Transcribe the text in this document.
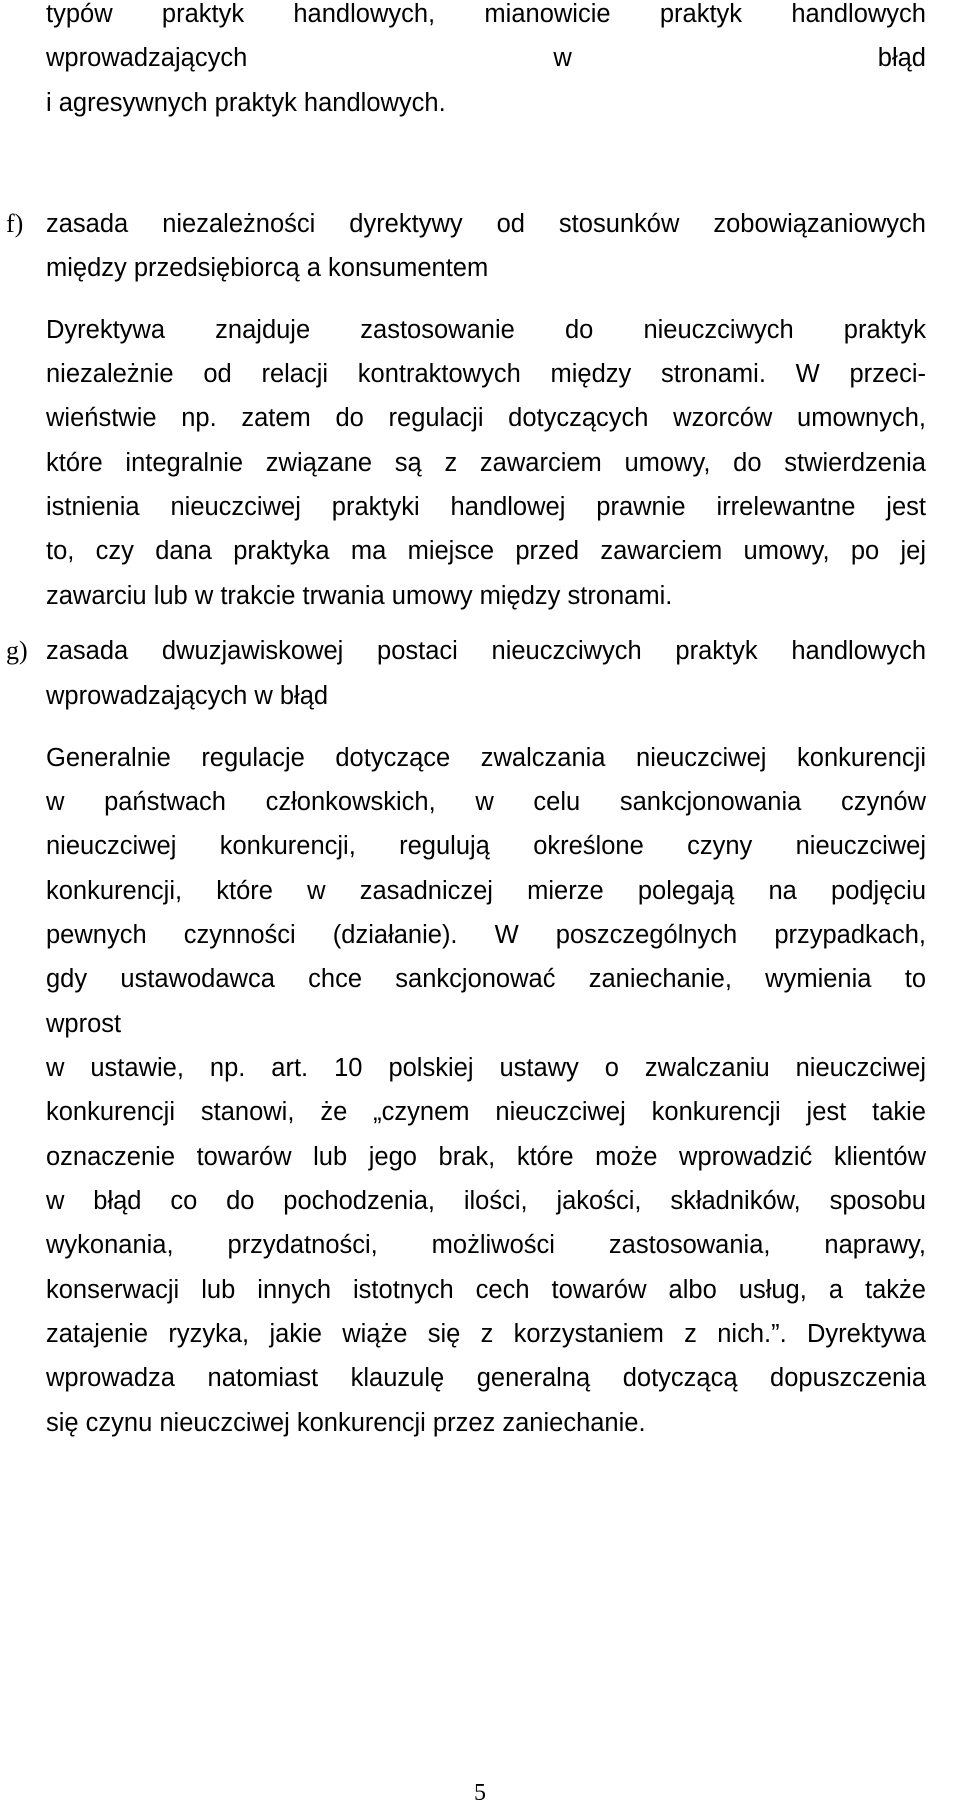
typów praktyk handlowych, mianowicie praktyk handlowych
wprowadzających w błąd
i agresywnych praktyk handlowych.
f) zasada niezależności dyrektywy od stosunków zobowiązaniowych
między przedsiębiorcą a konsumentem
Dyrektywa znajduje zastosowanie do nieuczciwych praktyk
niezależnie od relacji kontraktowych między stronami. W przeci-
wieństwie np. zatem do regulacji dotyczących wzorców umownych,
które integralnie związane są z zawarciem umowy, do stwierdzenia
istnienia nieuczciwej praktyki handlowej prawnie irrelewantne jest
to, czy dana praktyka ma miejsce przed zawarciem umowy, po jej
zawarciu lub w trakcie trwania umowy między stronami.
g) zasada dwuzjawiskowej postaci nieuczciwych praktyk handlowych
wprowadzających w błąd
Generalnie regulacje dotyczące zwalczania nieuczciwej konkurencji
w państwach członkowskich, w celu sankcjonowania czynów
nieuczciwej konkurencji, regulują określone czyny nieuczciwej
konkurencji, które w zasadniczej mierze polegają na podjęciu
pewnych czynności (działanie). W poszczególnych przypadkach,
gdy ustawodawca chce sankcjonować zaniechanie, wymienia to
wprost
w ustawie, np. art. 10 polskiej ustawy o zwalczaniu nieuczciwej
konkurencji stanowi, że „czynem nieuczciwej konkurencji jest takie
oznaczenie towarów lub jego brak, które może wprowadzić klientów
w błąd co do pochodzenia, ilości, jakości, składników, sposobu
wykonania, przydatności, możliwości zastosowania, naprawy,
konserwacji lub innych istotnych cech towarów albo usług, a także
zatajenie ryzyka, jakie wiąże się z korzystaniem z nich.”. Dyrektywa
wprowadza natomiast klauzulę generalną dotyczącą dopuszczenia
się czynu nieuczciwej konkurencji przez zaniechanie.
5
